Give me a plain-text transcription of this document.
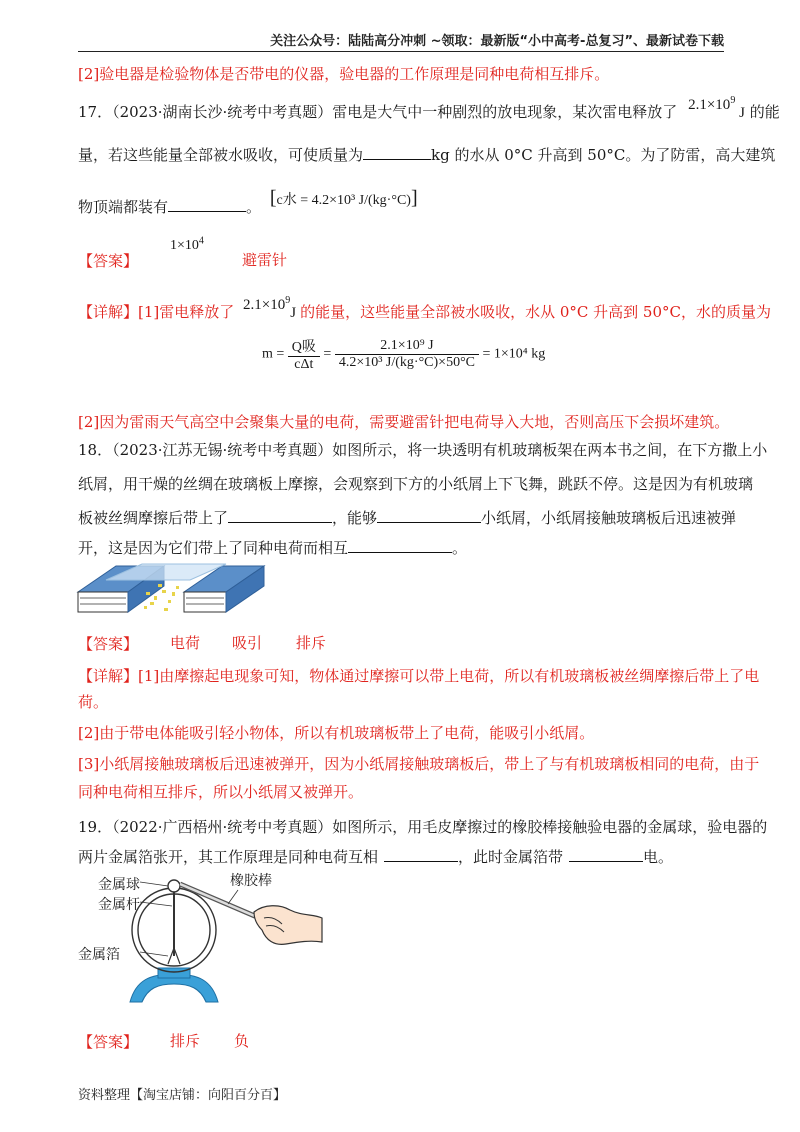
关注公众号：陆陆高分冲刺 ~领取：最新版“小中高考-总复习”、最新试卷下载
[2]验电器是检验物体是否带电的仪器，验电器的工作原理是同种电荷相互排斥。
17．（2023·湖南长沙·统考中考真题）雷电是大气中一种剧烈的放电现象，某次雷电释放了 $2.1\times 10^9$ J 的能
量，若这些能量全部被水吸收，可使质量为	kg 的水从 0°C 升高到 50°C。为了防雷，高大建筑
物顶端都装有	。 [c水 = 4.2×10³ J/(kg·°C)]
【答案】
$1\times 10^4$
避雷针
【详解】[1]雷电释放了 $2.1\times 10^9J$ 的能量，这些能量全部被水吸收，水从 0°C 升高到 50°C，水的质量为
$m = \frac{\text{Q吸}}{\text{cΔt}} = \frac{\text{2.1×10⁹ J}}{\text{4.2×10³ J/(kg·°C)×50°C}} = 1\times 10^4$ kg
[2]因为雷雨天气高空中会聚集大量的电荷，需要避雷针把电荷导入大地，否则高压下会损坏建筑。
18．（2023·江苏无锡·统考中考真题）如图所示，将一块透明有机玻璃板架在两本书之间，在下方撒上小
纸屑，用干燥的丝绸在玻璃板上摩擦，会观察到下方的小纸屑上下飞舞，跳跃不停。这是因为有机玻璃
板被丝绸摩擦后带上了	，能够	小纸屑，小纸屑接触玻璃板后迅速被弹
开，这是因为它们带上了同种电荷而相互	。
【答案】 电荷 吸引 排斥
【详解】[1]由摩擦起电现象可知，物体通过摩擦可以带上电荷，所以有机玻璃板被丝绸摩擦后带上了电
荷。
[2]由于带电体能吸引轻小物体，所以有机玻璃板带上了电荷，能吸引小纸屑。
[3]小纸屑接触玻璃板后迅速被弹开，因为小纸屑接触玻璃板后，带上了与有机玻璃板相同的电荷，由于
同种电荷相互排斥，所以小纸屑又被弹开。
19．（2022·广西梧州·统考中考真题）如图所示，用毛皮摩擦过的橡胶棒接触验电器的金属球，验电器的
两片金属箔张开，其工作原理是同种电荷互相	，此时金属箔带	电。
金属球
金属杆
金属箔
橡胶棒
【答案】 排斥 负
资料整理【淘宝店铺：向阳百分百】
